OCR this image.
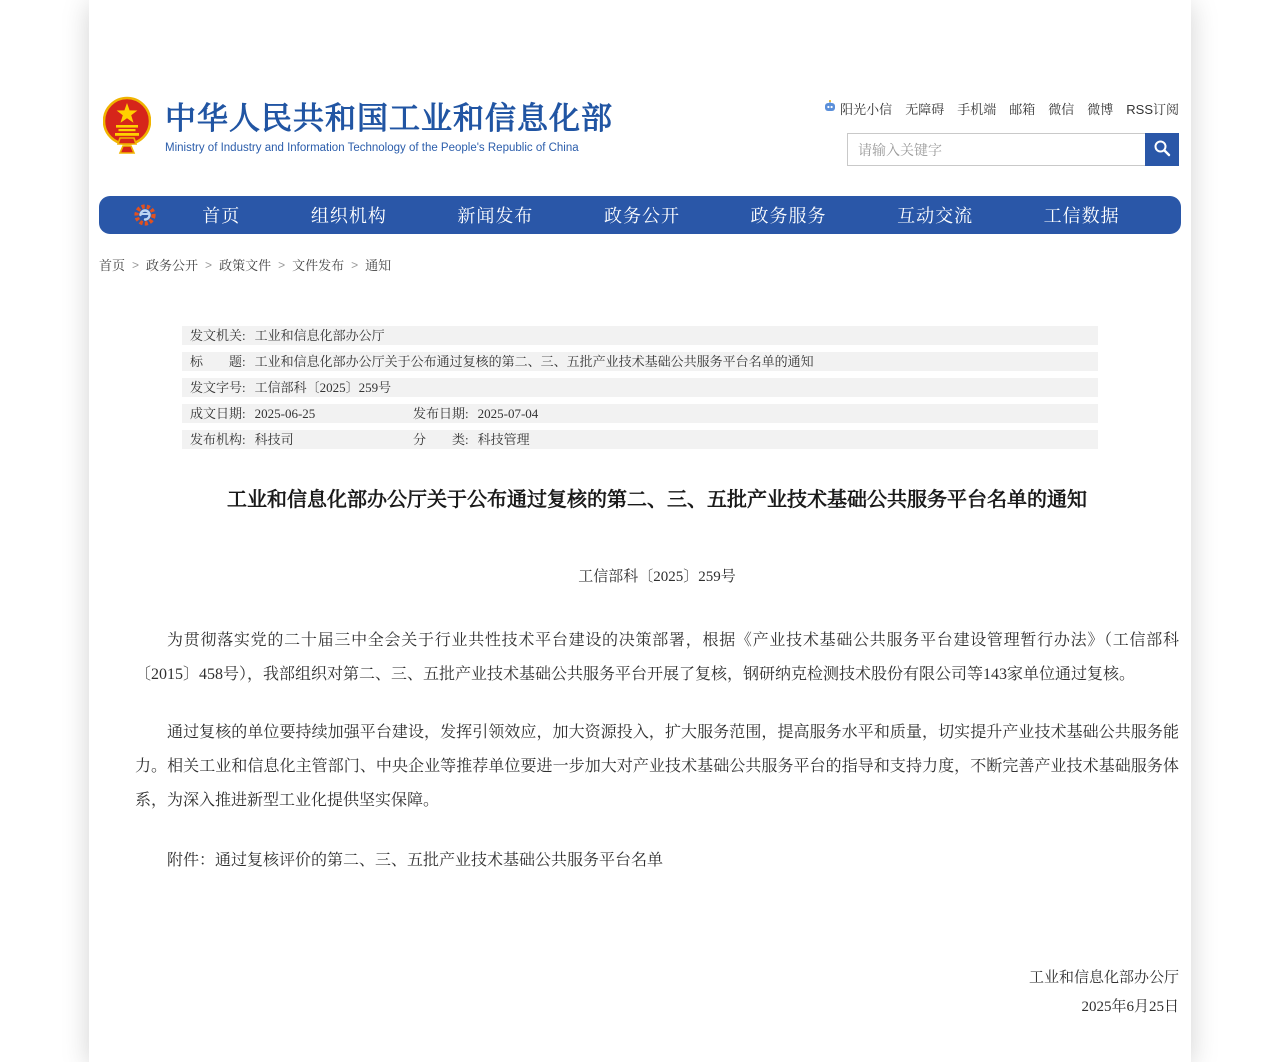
中华人民共和国工业和信息化部
Ministry of Industry and Information Technology of the People's Republic of China
阳光小信 无障碍 手机端 邮箱 微信 微博 RSS订阅
请输入关键字
首页	组织机构	新闻发布	政务公开	政务服务	互动交流	工信数据
首页 > 政务公开 > 政策文件 > 文件发布 > 通知
发文机关: 工业和信息化部办公厅
标　　题: 工业和信息化部办公厅关于公布通过复核的第二、三、五批产业技术基础公共服务平台名单的通知
发文字号: 工信部科〔2025〕259号
成文日期: 2025-06-25	发布日期: 2025-07-04
发布机构: 科技司	分　　类: 科技管理
工业和信息化部办公厅关于公布通过复核的第二、三、五批产业技术基础公共服务平台名单的通知
工信部科〔2025〕259号

为贯彻落实党的二十届三中全会关于行业共性技术平台建设的决策部署，根据《产业技术基础公共服务平台建设管理暂行办法》（工信部科〔2015〕458号），我部组织对第二、三、五批产业技术基础公共服务平台开展了复核，钢研纳克检测技术股份有限公司等143家单位通过复核。

通过复核的单位要持续加强平台建设，发挥引领效应，加大资源投入，扩大服务范围，提高服务水平和质量，切实提升产业技术基础公共服务能力。相关工业和信息化主管部门、中央企业等推荐单位要进一步加大对产业技术基础公共服务平台的指导和支持力度，不断完善产业技术基础服务体系，为深入推进新型工业化提供坚实保障。

附件：通过复核评价的第二、三、五批产业技术基础公共服务平台名单

工业和信息化部办公厅
2025年6月25日
